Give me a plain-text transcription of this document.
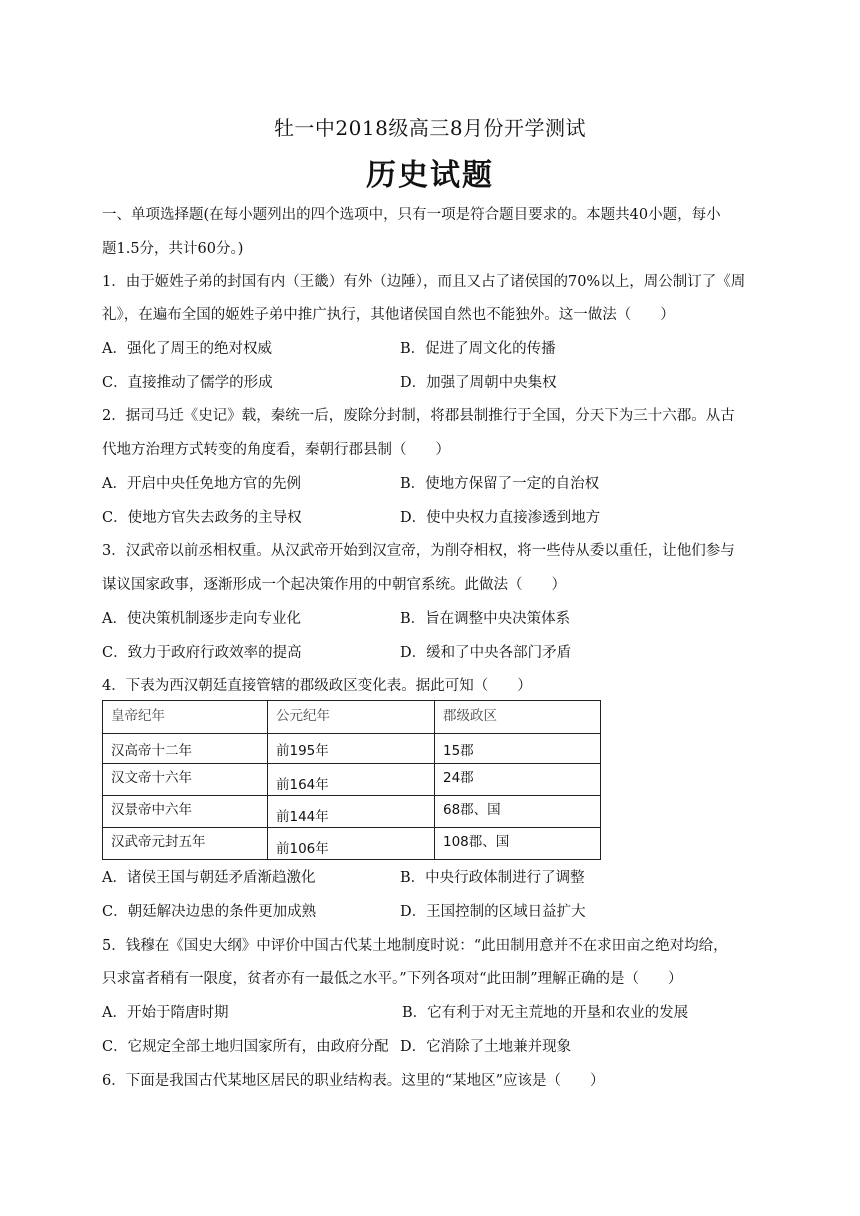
牡一中2018级高三8月份开学测试
历史试题
一、单项选择题(在每小题列出的四个选项中，只有一项是符合题目要求的。本题共40小题，每小
题1.5分，共计60分。)
1．由于姬姓子弟的封国有内（王畿）有外（边陲），而且又占了诸侯国的70%以上，周公制订了《周
礼》，在遍布全国的姬姓子弟中推广执行，其他诸侯国自然也不能独外。这一做法（　　）
A．强化了周王的绝对权威	B．促进了周文化的传播
C．直接推动了儒学的形成	D．加强了周朝中央集权
2．据司马迁《史记》载，秦统一后，废除分封制，将郡县制推行于全国，分天下为三十六郡。从古
代地方治理方式转变的角度看，秦朝行郡县制（　　）
A．开启中央任免地方官的先例	B．使地方保留了一定的自治权
C．使地方官失去政务的主导权	D．使中央权力直接渗透到地方
3．汉武帝以前丞相权重。从汉武帝开始到汉宣帝，为削夺相权，将一些侍从委以重任，让他们参与
谋议国家政事，逐渐形成一个起决策作用的中朝官系统。此做法（　　）
A．使决策机制逐步走向专业化	B．旨在调整中央决策体系
C．致力于政府行政效率的提高	D．缓和了中央各部门矛盾
4．下表为西汉朝廷直接管辖的郡级政区变化表。据此可知（　　）
皇帝纪年	公元纪年	郡级政区
汉高帝十二年	前195年	15郡
汉文帝十六年	前164年	24郡
汉景帝中六年	前144年	68郡、国
汉武帝元封五年	前106年	108郡、国
A．诸侯王国与朝廷矛盾渐趋激化	B．中央行政体制进行了调整
C．朝廷解决边患的条件更加成熟	D．王国控制的区域日益扩大
5．钱穆在《国史大纲》中评价中国古代某土地制度时说：“此田制用意并不在求田亩之绝对均给，
只求富者稍有一限度，贫者亦有一最低之水平。”下列各项对“此田制”理解正确的是（　　）
A．开始于隋唐时期	B．它有利于对无主荒地的开垦和农业的发展
C．它规定全部土地归国家所有，由政府分配 D．它消除了土地兼并现象
6．下面是我国古代某地区居民的职业结构表。这里的“某地区”应该是（　　）
